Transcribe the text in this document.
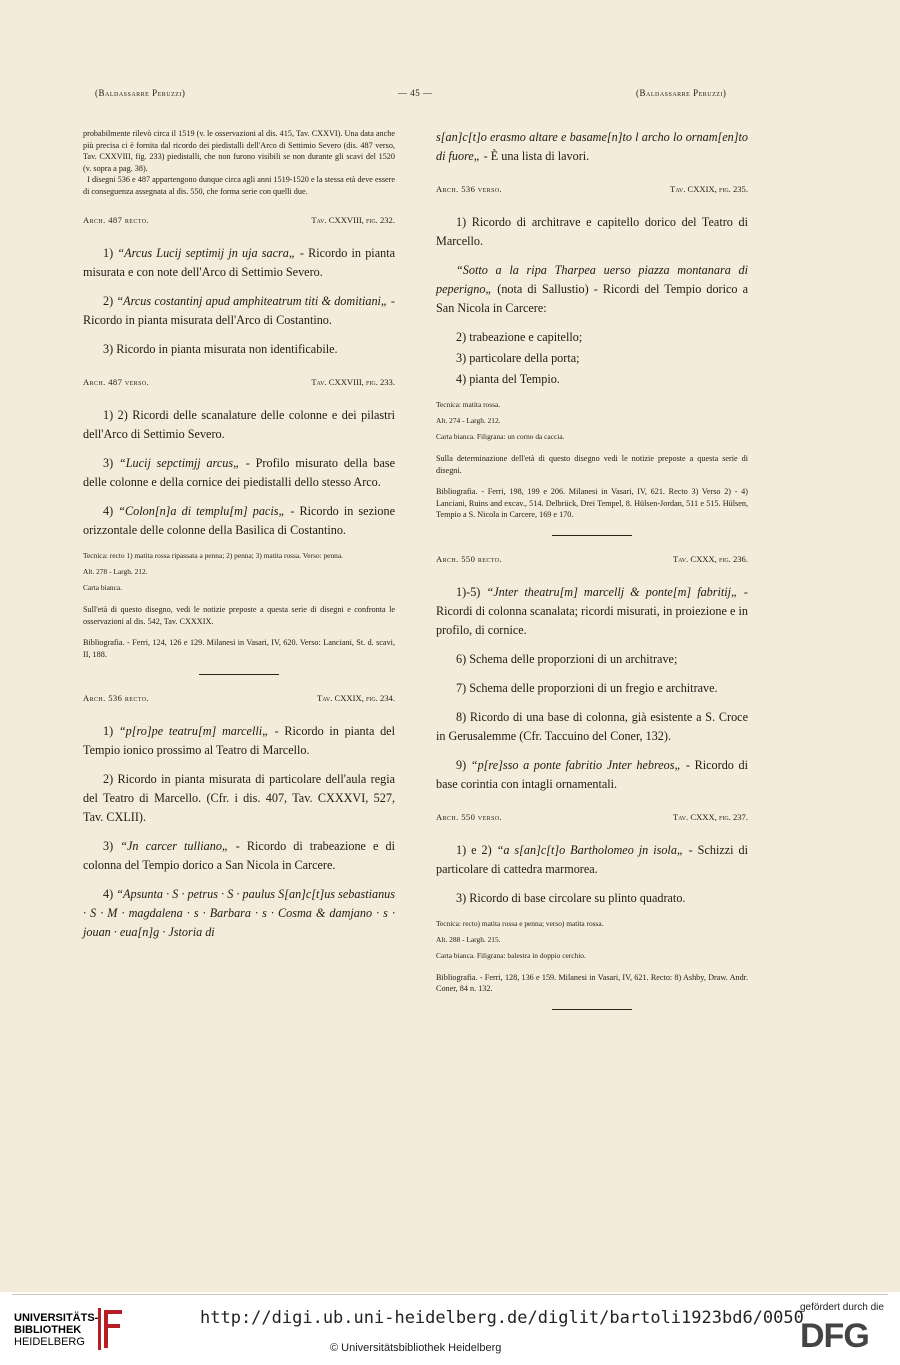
(Baldassarre Peruzzi)	— 45 —	(Baldassarre Peruzzi)

probabilmente rilevò circa il 1519 (v. le osservazioni al dis. 415, Tav. CXXVI). Una data anche più precisa ci è fornita dal ricordo dei piedistalli dell'Arco di Settimio Severo (dis. 487 verso, Tav. CXXVIII, fig. 233) piedistalli, che non furono visibili se non durante gli scavi del 1520 (v. sopra a pag. 38).
I disegni 536 e 487 appartengono dunque circa agli anni 1519-1520 e la stessa età deve essere di conseguenza assegnata al dis. 550, che forma serie con quelli due.

Arch. 487 recto.	Tav. CXXVIII, fig. 232.

1) “Arcus Lucij septimij jn uja sacra„ - Ricordo in pianta misurata e con note dell'Arco di Settimio Severo.

2) “Arcus costantinj apud amphiteatrum titi & domitiani„ - Ricordo in pianta misurata dell'Arco di Costantino.

3) Ricordo in pianta misurata non identificabile.

Arch. 487 verso.	Tav. CXXVIII, fig. 233.

1) 2) Ricordi delle scanalature delle colonne e dei pilastri dell'Arco di Settimio Severo.

3) “Lucij sepctimjj arcus„ - Profilo misurato della base delle colonne e della cornice dei piedistalli dello stesso Arco.

4) “Colon[n]a di templu[m] pacis„ - Ricordo in sezione orizzontale delle colonne della Basilica di Costantino.

Tecnica: recto 1) matita rossa ripassata a penna; 2) penna; 3) matita rossa. Verso: penna.

Alt. 278 - Largh. 212.

Carta bianca.

Sull'età di questo disegno, vedi le notizie preposte a questa serie di disegni e confronta le osservazioni al dis. 542, Tav. CXXXIX.

Bibliografia. - Ferri, 124, 126 e 129. Milanesi in Vasari, IV, 620. Verso: Lanciani, St. d. scavi, II, 188.

Arch. 536 recto.	Tav. CXXIX, fig. 234.

1) “p[ro]pe teatru[m] marcelli„ - Ricordo in pianta del Tempio ionico prossimo al Teatro di Marcello.

2) Ricordo in pianta misurata di particolare dell'aula regia del Teatro di Marcello. (Cfr. i dis. 407, Tav. CXXXVI, 527, Tav. CXLII).

3) “Jn carcer tulliano„ - Ricordo di trabeazione e di colonna del Tempio dorico a San Nicola in Carcere.

4) “Apsunta · S · petrus · S · paulus S[an]c[t]us sebastianus · S · M · magdalena · s · Barbara · s · Cosma & damjano · s · jouan · eua[n]g · Jstoria di

s[an]c[t]o erasmo altare e basame[n]to l archo lo ornam[en]to di fuore„ - È una lista di lavori.

Arch. 536 verso.	Tav. CXXIX, fig. 235.

1) Ricordo di architrave e capitello dorico del Teatro di Marcello.

“Sotto a la ripa Tharpea uerso piazza montanara di peperigno„ (nota di Sallustio) - Ricordi del Tempio dorico a San Nicola in Carcere:

2) trabeazione e capitello;

3) particolare della porta;

4) pianta del Tempio.

Tecnica: matita rossa.

Alt. 274 - Largh. 212.

Carta bianca. Filigrana: un corno da caccia.

Sulla determinazione dell'età di questo disegno vedi le notizie preposte a questa serie di disegni.

Bibliografia. - Ferri, 198, 199 e 206. Milanesi in Vasari, IV, 621. Recto 3) Verso 2) - 4) Lanciani, Ruins and excav., 514. Delbrück, Drei Tempel, 8. Hülsen-Jordan, 511 e 515. Hülsen, Tempio a S. Nicola in Carcere, 169 e 170.

Arch. 550 recto.	Tav. CXXX, fig. 236.

1)-5) “Jnter theatru[m] marcellj & ponte[m] fabritij„ - Ricordi di colonna scanalata; ricordi misurati, in proiezione e in profilo, di cornice.

6) Schema delle proporzioni di un architrave;

7) Schema delle proporzioni di un fregio e architrave.

8) Ricordo di una base di colonna, già esistente a S. Croce in Gerusalemme (Cfr. Taccuino del Coner, 132).

9) “p[re]sso a ponte fabritio Jnter hebreos„ - Ricordo di base corintia con intagli ornamentali.

Arch. 550 verso.	Tav. CXXX, fig. 237.

1) e 2) “a s[an]c[t]o Bartholomeo jn isola„ - Schizzi di particolare di cattedra marmorea.

3) Ricordo di base circolare su plinto quadrato.

Tecnica: recto) matita rossa e penna; verso) matita rossa.

Alt. 288 - Largh. 215.

Carta bianca. Filigrana: balestra in doppio cerchio.

Bibliografia. - Ferri, 128, 136 e 159. Milanesi in Vasari, IV, 621. Recto: 8) Ashby, Draw. Andr. Coner, 84 n. 132.

UNIVERSITÄTS-
BIBLIOTHEK
HEIDELBERG
http://digi.ub.uni-heidelberg.de/diglit/bartoli1923bd6/0050
© Universitätsbibliothek Heidelberg
gefördert durch die
DFG
